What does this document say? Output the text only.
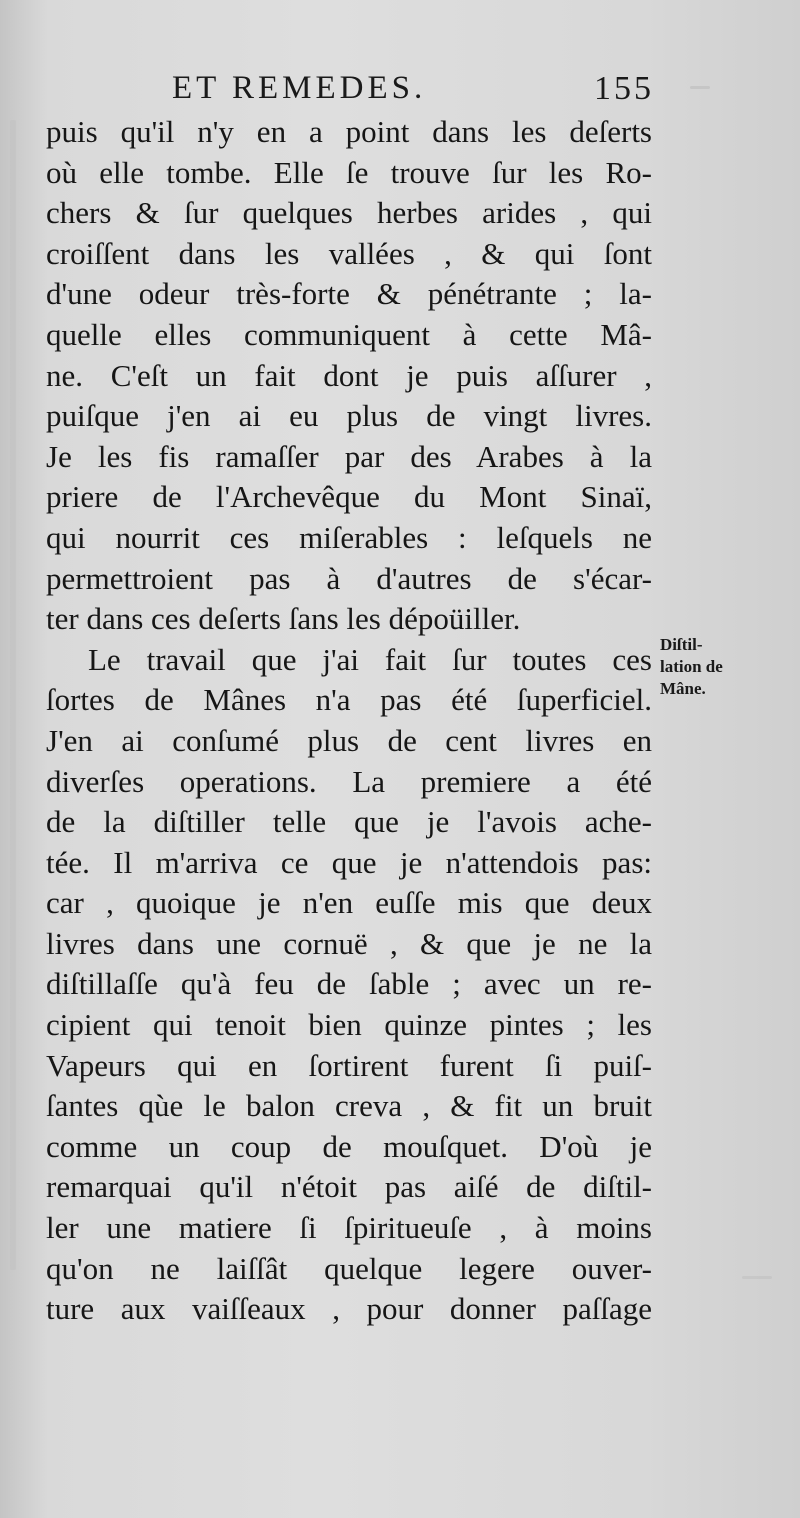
ET REMEDES.	155
puis qu'il n'y en a point dans les deſerts
où elle tombe. Elle ſe trouve ſur les Ro-
chers & ſur quelques herbes arides , qui
croiſſent dans les vallées , & qui ſont
d'une odeur très-forte & pénétrante ; la-
quelle elles communiquent à cette Mâ-
ne. C'eſt un fait dont je puis aſſurer ,
puiſque j'en ai eu plus de vingt livres.
Je les fis ramaſſer par des Arabes à la
priere de l'Archevêque du Mont Sinaï,
qui nourrit ces miſerables : leſquels ne
permettroient pas à d'autres de s'écar-
ter dans ces deſerts ſans les dépoüiller.
Le travail que j'ai fait ſur toutes ces
ſortes de Mânes n'a pas été ſuperficiel.
J'en ai conſumé plus de cent livres en
diverſes operations. La premiere a été
de la diſtiller telle que je l'avois ache-
tée. Il m'arriva ce que je n'attendois pas:
car , quoique je n'en euſſe mis que deux
livres dans une cornuë , & que je ne la
diſtillaſſe qu'à feu de ſable ; avec un re-
cipient qui tenoit bien quinze pintes ; les
Vapeurs qui en ſortirent furent ſi puiſ-
ſantes qùe le balon creva , & fit un bruit
comme un coup de mouſquet. D'où je
remarquai qu'il n'étoit pas aiſé de diſtil-
ler une matiere ſi ſpiritueuſe , à moins
qu'on ne laiſſât quelque legere ouver-
ture aux vaiſſeaux , pour donner paſſage
Diſtil-
lation de
Mâne.
